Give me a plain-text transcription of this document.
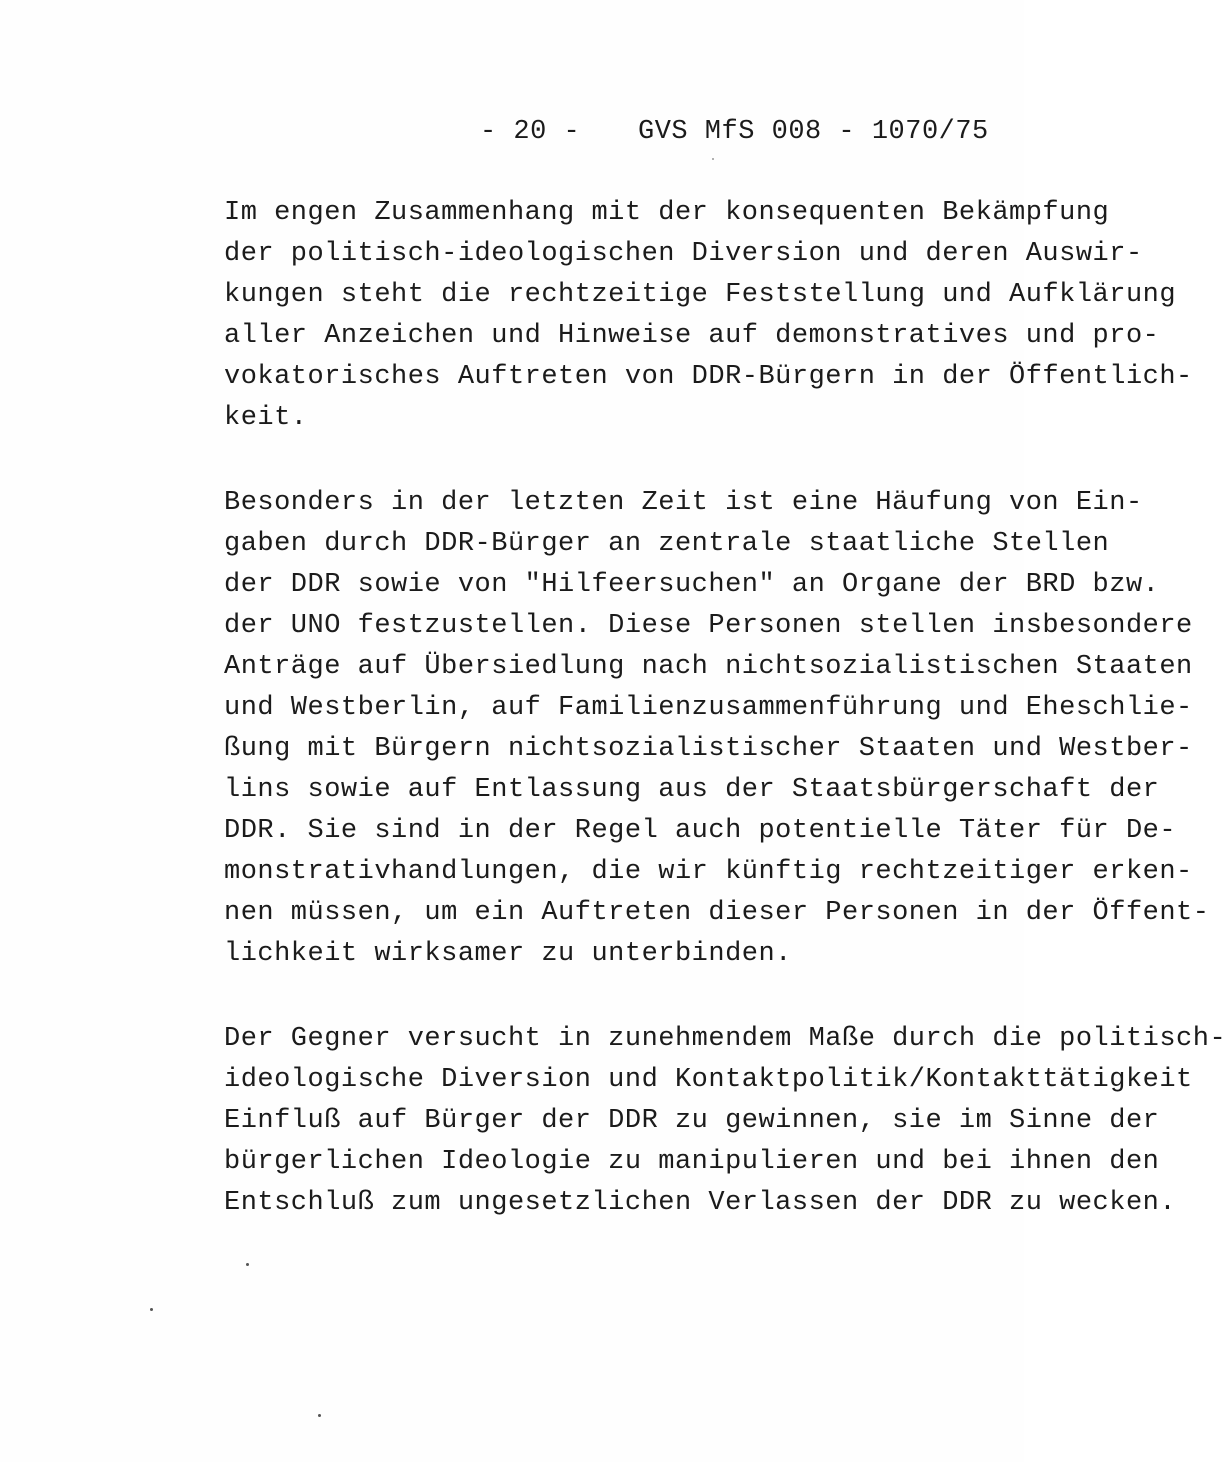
- 20 -

GVS MfS 008 - 1070/75

Im engen Zusammenhang mit der konsequenten Bekämpfung
der politisch-ideologischen Diversion und deren Auswir-
kungen steht die rechtzeitige Feststellung und Aufklärung
aller Anzeichen und Hinweise auf demonstratives und pro-
vokatorisches Auftreten von DDR-Bürgern in der Öffentlich-
keit.
Besonders in der letzten Zeit ist eine Häufung von Ein-
gaben durch DDR-Bürger an zentrale staatliche Stellen
der DDR sowie von "Hilfeersuchen" an Organe der BRD bzw.
der UNO festzustellen. Diese Personen stellen insbesondere
Anträge auf Übersiedlung nach nichtsozialistischen Staaten
und Westberlin, auf Familienzusammenführung und Eheschlie-
ßung mit Bürgern nichtsozialistischer Staaten und Westber-
lins sowie auf Entlassung aus der Staatsbürgerschaft der
DDR. Sie sind in der Regel auch potentielle Täter für De-
monstrativhandlungen, die wir künftig rechtzeitiger erken-
nen müssen, um ein Auftreten dieser Personen in der Öffent-
lichkeit wirksamer zu unterbinden.
Der Gegner versucht in zunehmendem Maße durch die politisch-
ideologische Diversion und Kontaktpolitik/Kontakttätigkeit
Einfluß auf Bürger der DDR zu gewinnen, sie im Sinne der
bürgerlichen Ideologie zu manipulieren und bei ihnen den
Entschluß zum ungesetzlichen Verlassen der DDR zu wecken.
